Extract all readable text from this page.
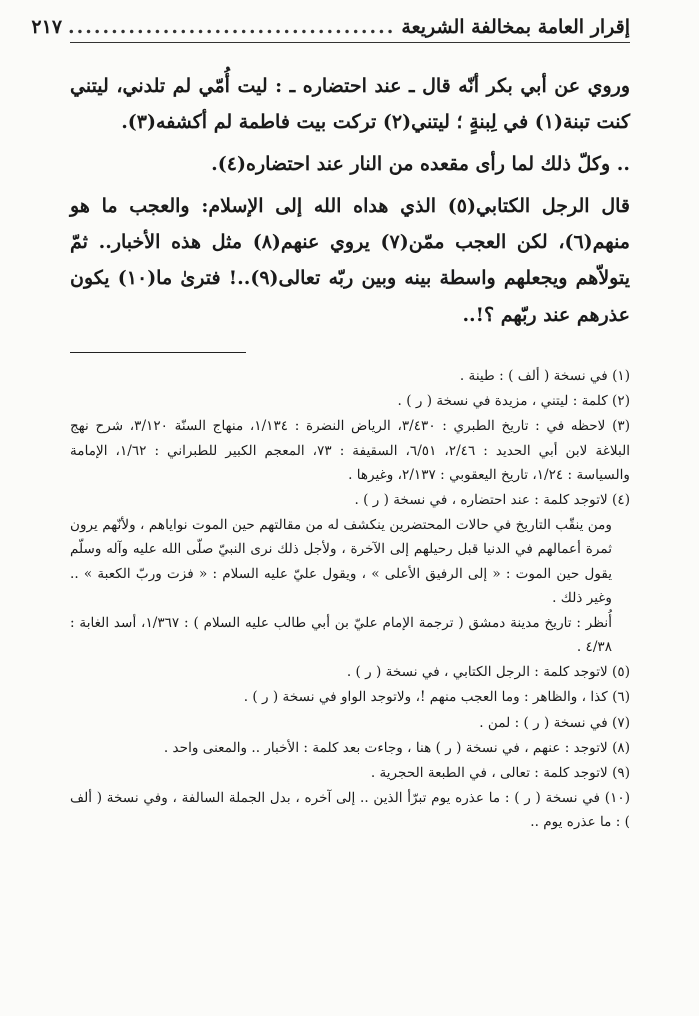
إقرار العامة بمخالفة الشريعة
......................................
٢١٧

وروي عن أبي بكر أنّه قال ـ عند احتضاره ـ : ليت أُمّي لم تلدني، ليتني كنت تبنة(١) في لِبنةٍ ؛ ليتني(٢) تركت بيت فاطمة لم أكشفه(٣).

.. وكلّ ذلك لما رأى مقعده من النار عند احتضاره(٤).

قال الرجل الكتابي(٥) الذي هداه الله إلى الإسلام: والعجب ما هو منهم(٦)، لكن العجب ممّن(٧) يروي عنهم(٨) مثل هذه الأخبار.. ثمّ يتولاّهم ويجعلهم واسطة بينه وبين ربّه تعالى(٩)..! فترىٰ ما(١٠) يكون عذرهم عند ربّهم ؟!..

(١) في نسخة ( ألف ) : طينة .

(٢) كلمة : ليتني ، مزيدة في نسخة ( ر ) .

(٣) لاحظه في : تاريخ الطبري : ٣/٤٣٠، الرياض النضرة : ١/١٣٤، منهاج السنّة ٣/١٢٠، شرح نهج البلاغة لابن أبي الحديد : ٢/٤٦، ٦/٥١، السقيفة : ٧٣، المعجم الكبير للطبراني : ١/٦٢، الإمامة والسياسة : ١/٢٤، تاريخ اليعقوبي : ٢/١٣٧، وغيرها .

(٤) لاتوجد كلمة : عند احتضاره ، في نسخة ( ر ) .

ومن ينقّب التاريخ في حالات المحتضرين ينكشف له من مقالتهم حين الموت نواياهم ، ولأنّهم يرون ثمرة أعمالهم في الدنيا قبل رحيلهم إلى الآخرة ، ولأجل ذلك نرى النبيّ صلّى الله عليه وآله وسلّم يقول حين الموت : « إلى الرفيق الأعلى » ، ويقول عليّ عليه السلام : « فزت وربّ الكعبة » .. وغير ذلك .

أُنظر : تاريخ مدينة دمشق ( ترجمة الإمام عليّ بن أبي طالب عليه السلام ) : ١/٣٦٧، أسد الغابة : ٤/٣٨ .

(٥) لاتوجد كلمة : الرجل الكتابي ، في نسخة ( ر ) .

(٦) كذا ، والظاهر : وما العجب منهم !، ولاتوجد الواو في نسخة ( ر ) .

(٧) في نسخة ( ر ) : لمن .

(٨) لاتوجد : عنهم ، في نسخة ( ر ) هنا ، وجاءت بعد كلمة : الأخبار .. والمعنى واحد .

(٩) لاتوجد كلمة : تعالى ، في الطبعة الحجرية .

(١٠) في نسخة ( ر ) : ما عذره يوم تبرّأ الذين .. إلى آخره ، بدل الجملة السالفة ، وفي نسخة ( ألف ) : ما عذره يوم ..
